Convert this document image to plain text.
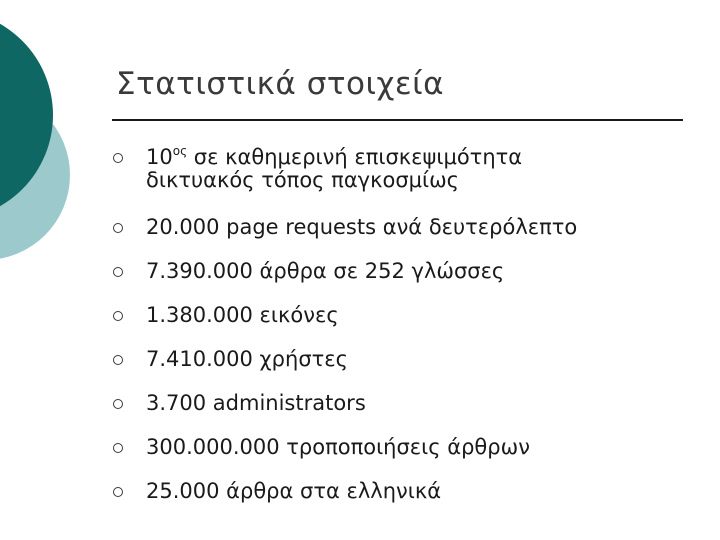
Στατιστικά στοιχεία
$10^{o\varsigma}$ σε καθημερινή επισκεψιμότητα
δικτυακός τόπος παγκοσμίως
20.000 page requests ανά δευτερόλεπτο
7.390.000 άρθρα σε 252 γλώσσες
1.380.000 εικόνες
7.410.000 χρήστες
3.700 administrators
300.000.000 τροποποιήσεις άρθρων
25.000 άρθρα στα ελληνικά
